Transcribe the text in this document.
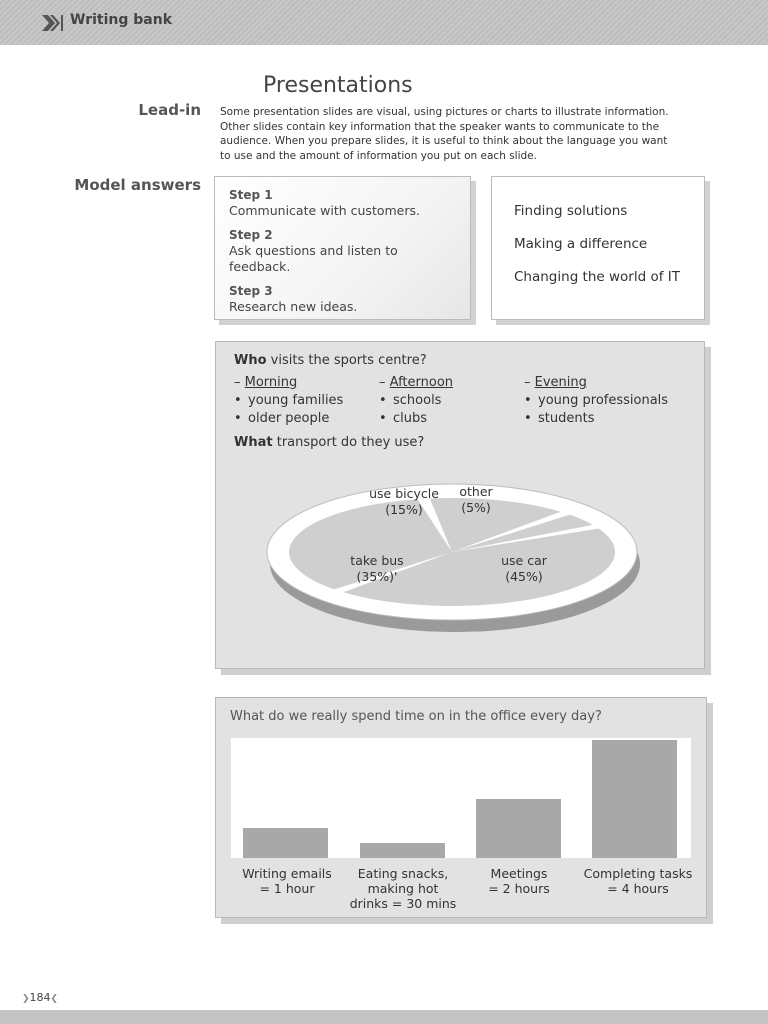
Writing bank
Presentations
Lead-in Some presentation slides are visual, using pictures or charts to illustrate information. Other slides contain key information that the speaker wants to communicate to the audience. When you prepare slides, it is useful to think about the language you want to use and the amount of information you put on each slide.
Model answers
Step 1
Communicate with customers.
Step 2
Ask questions and listen to feedback.
Step 3
Research new ideas.
Finding solutions
Making a difference
Changing the world of IT
Who visits the sports centre?
– Morning
• young families
• older people
– Afternoon
• schools
• clubs
– Evening
• young professionals
• students
What transport do they use?
use bicycle
(15%)
other
(5%)
take bus
(35%)'
use car
(45%)
What do we really spend time on in the office every day?
Writing emails
= 1 hour
Eating snacks,
making hot
drinks = 30 mins
Meetings
= 2 hours
Completing tasks
= 4 hours
❯184❮
